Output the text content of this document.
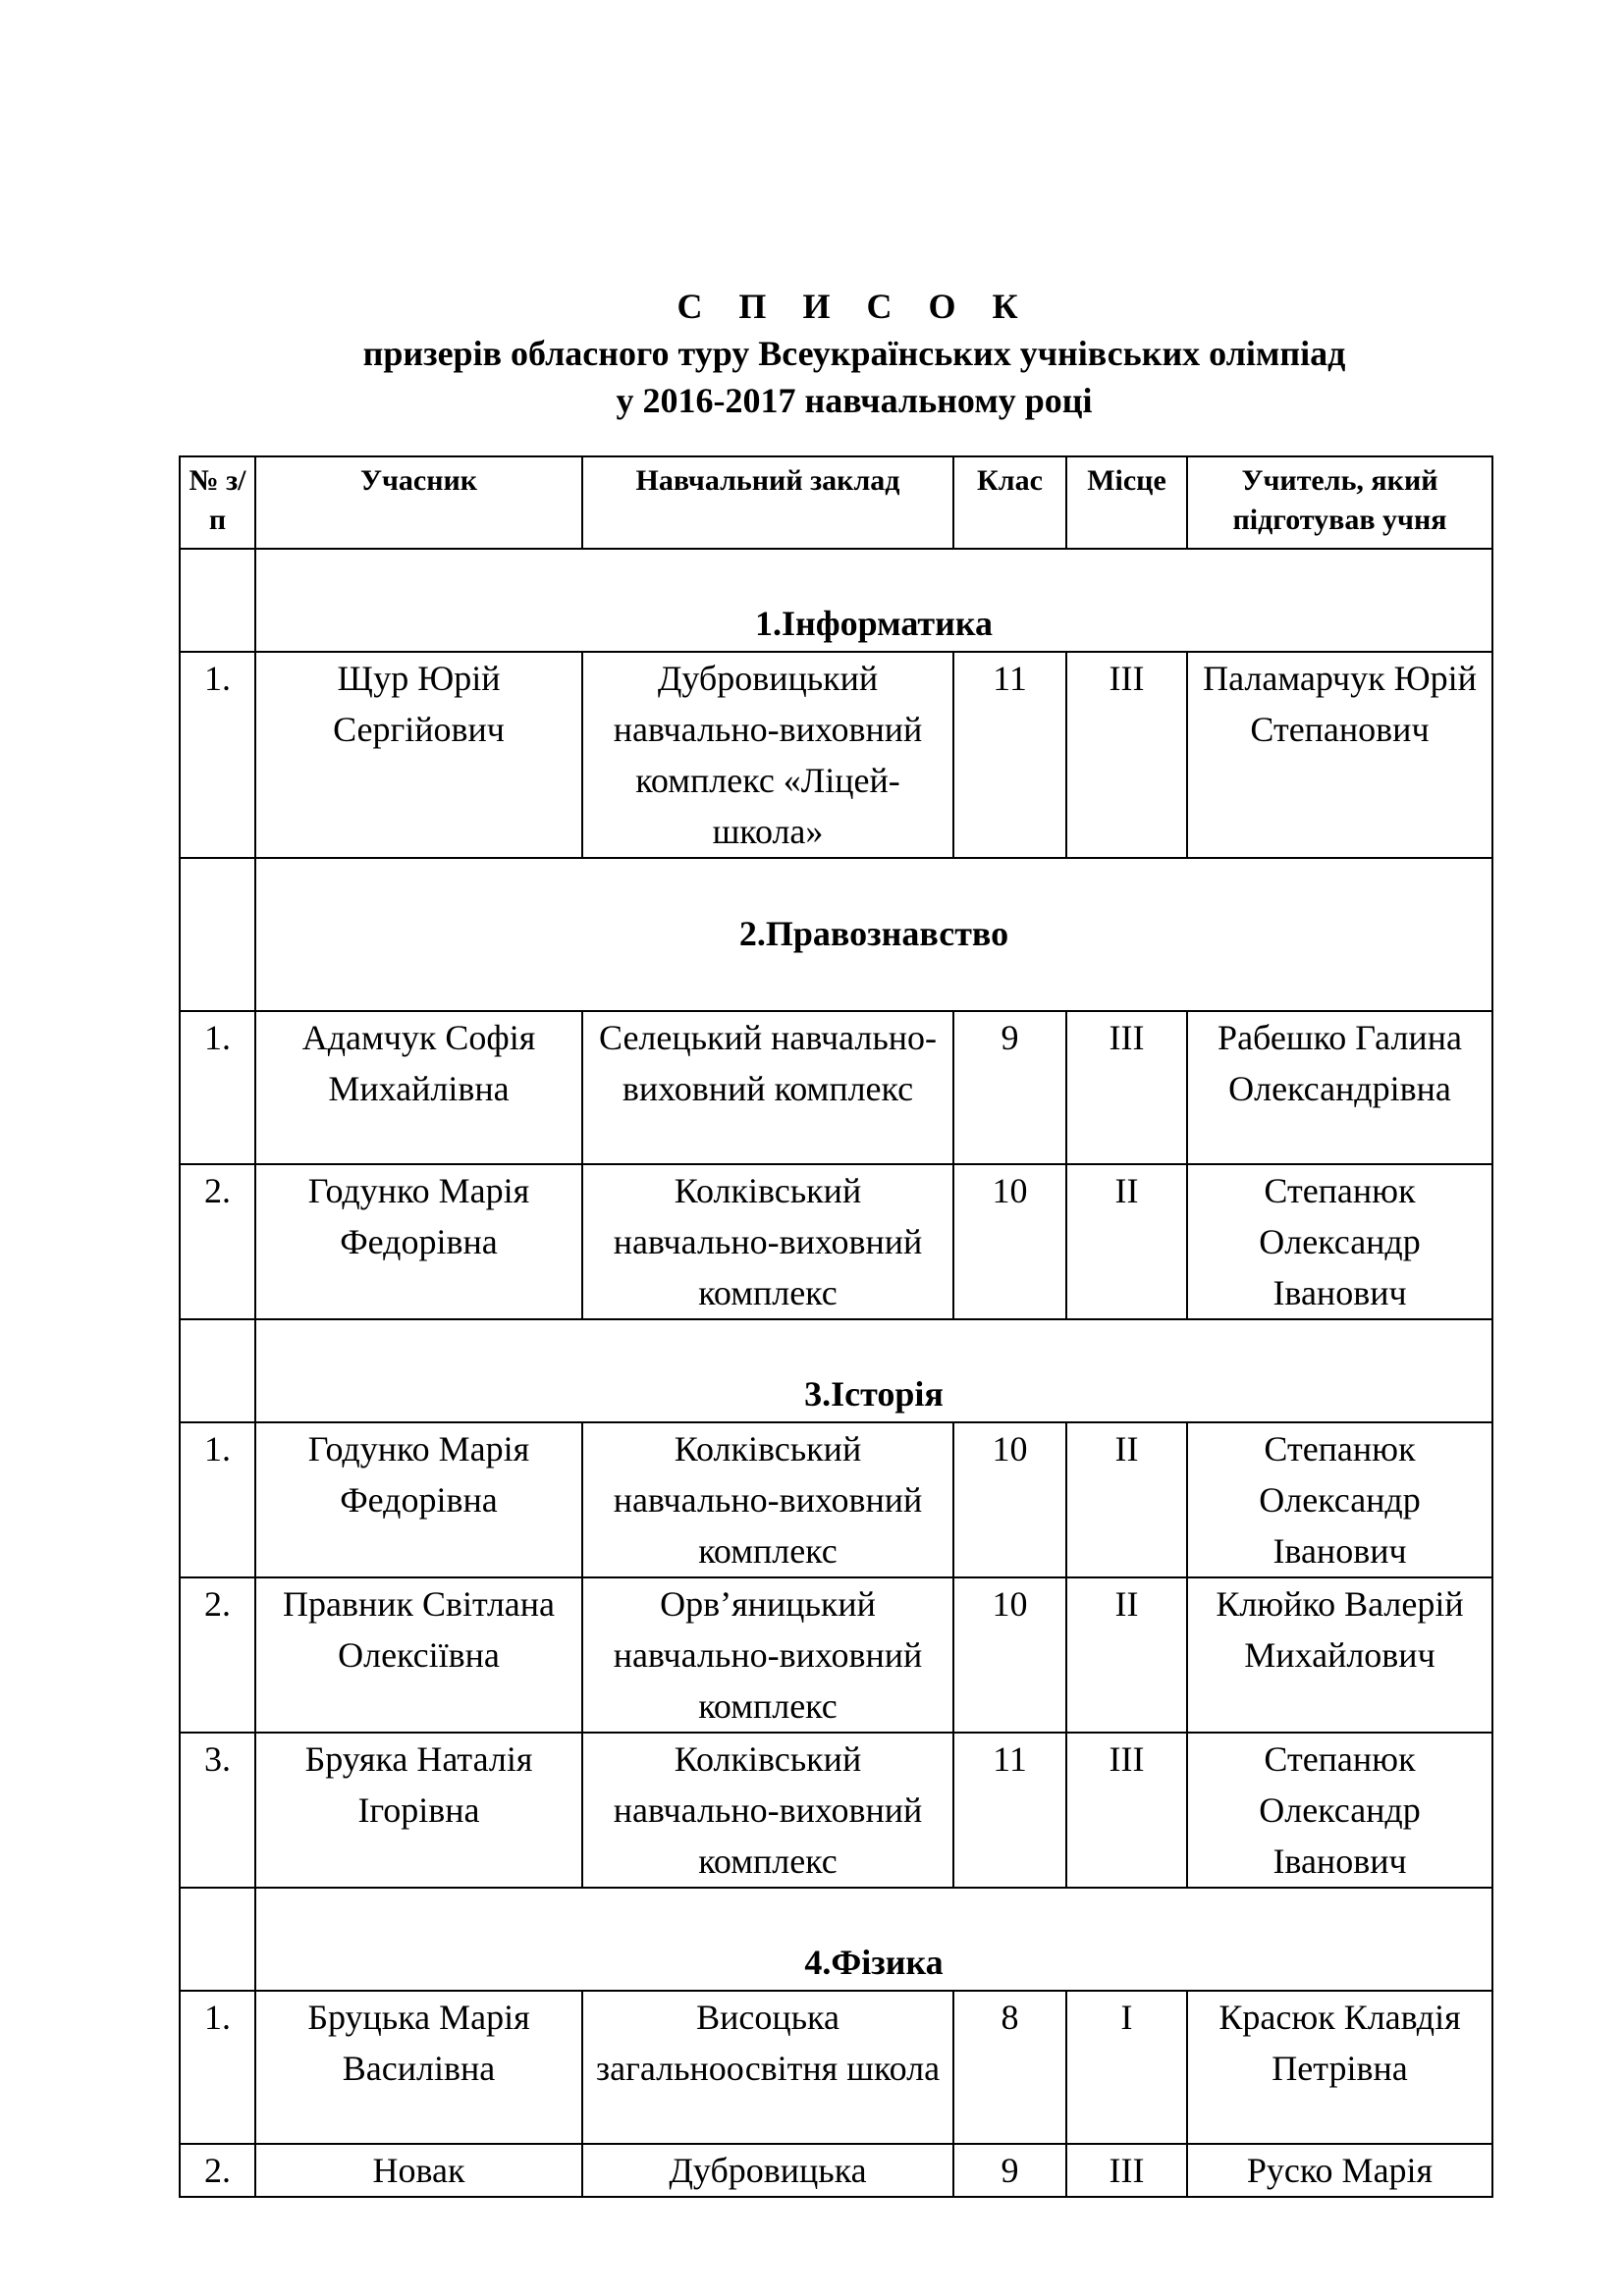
С П И С О К
призерів обласного туру Всеукраїнських учнівських олімпіад
у 2016-2017 навчальному році
№ з/п	Учасник	Навчальний заклад	Клас	Місце	Учитель, який підготував учня
	1.Інформатика				
1.	Щур Юрій Сергійович	Дубровицький навчально-виховний комплекс «Ліцей-школа»	11	III	Паламарчук Юрій Степанович
	2.Правознавство				
1.	Адамчук Софія Михайлівна	Селецький навчально-виховний комплекс	9	III	Рабешко Галина Олександрівна
2.	Годунко Марія Федорівна	Колківський навчально-виховний комплекс	10	II	Степанюк Олександр Іванович
	3.Історія				
1.	Годунко Марія Федорівна	Колківський навчально-виховний комплекс	10	II	Степанюк Олександр Іванович
2.	Правник Світлана Олексіївна	Орв’яницький навчально-виховний комплекс	10	II	Клюйко Валерій Михайлович
3.	Бруяка Наталія Ігорівна	Колківський навчально-виховний комплекс	11	III	Степанюк Олександр Іванович
	4.Фізика				
1.	Бруцька Марія Василівна	Висоцька загальноосвітня школа	8	I	Красюк Клавдія Петрівна
2.	Новак	Дубровицька	9	III	Руско Марія
